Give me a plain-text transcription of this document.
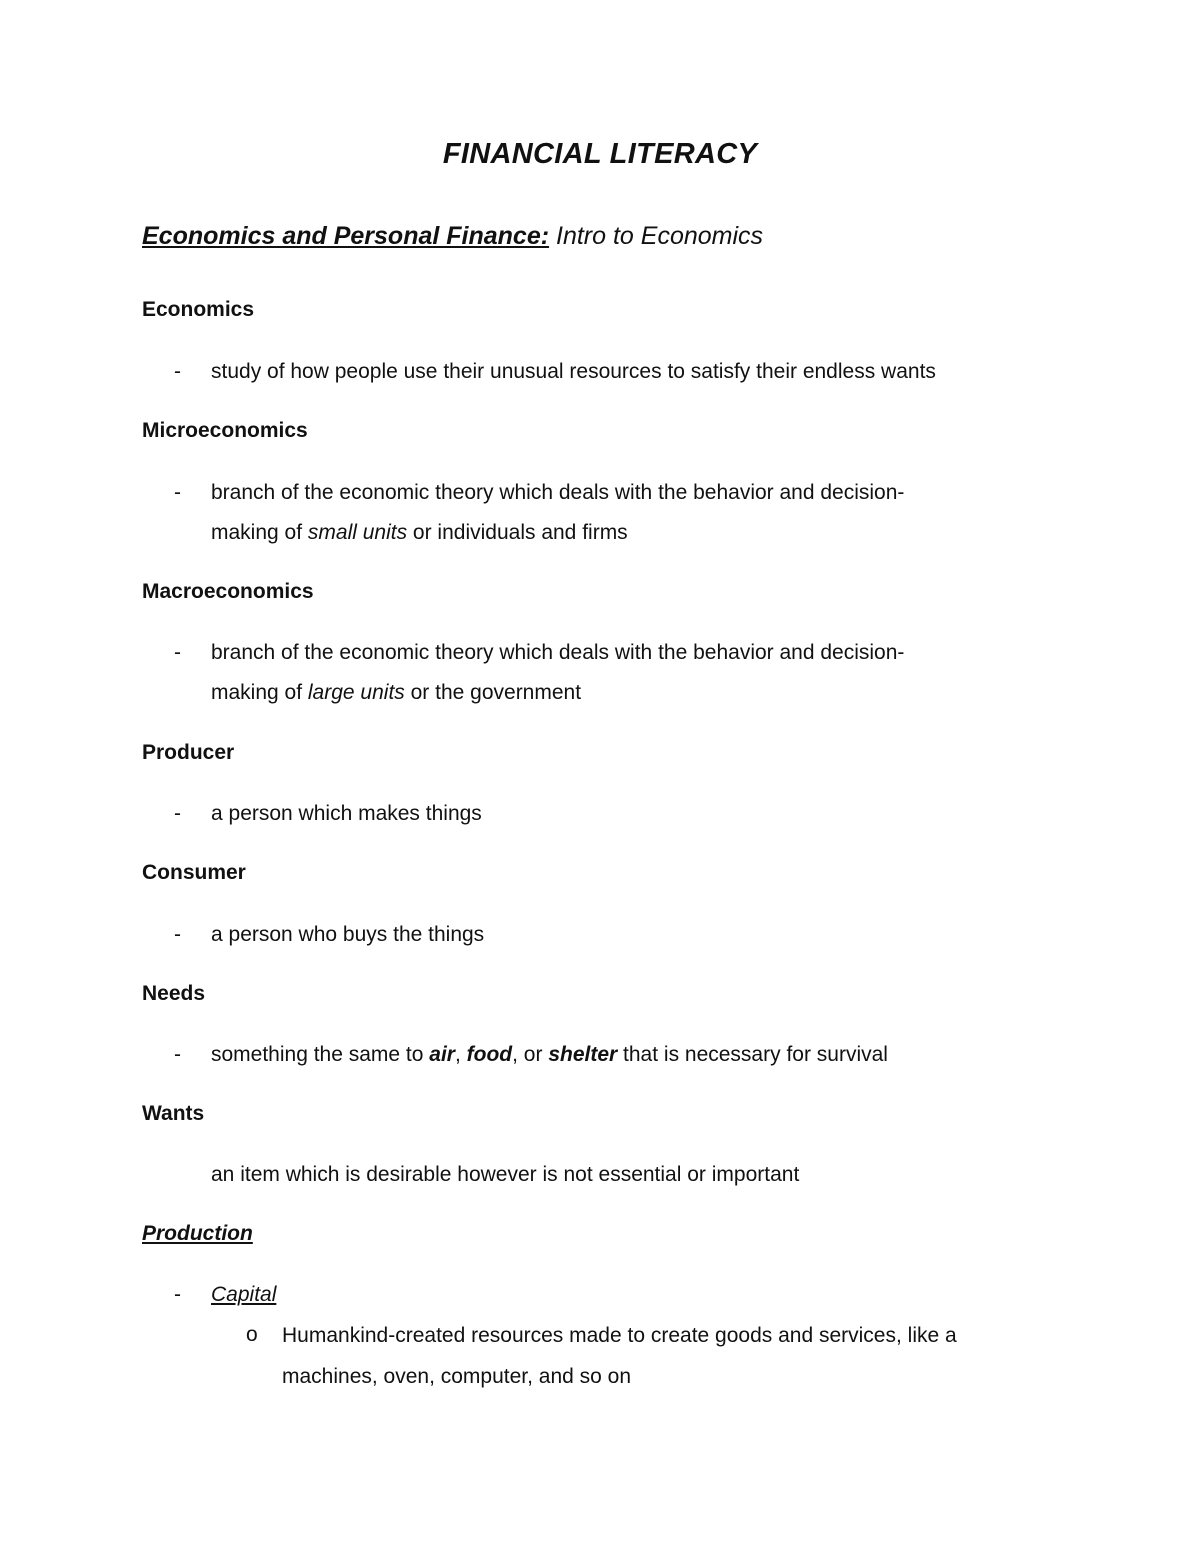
FINANCIAL LITERACY
Economics and Personal Finance: Intro to Economics
Economics
- study of how people use their unusual resources to satisfy their endless wants
Microeconomics
- branch of the economic theory which deals with the behavior and decision-
making of small units or individuals and firms
Macroeconomics
- branch of the economic theory which deals with the behavior and decision-
making of large units or the government
Producer
- a person which makes things
Consumer
- a person who buys the things
Needs
- something the same to air, food, or shelter that is necessary for survival
Wants
an item which is desirable however is not essential or important
Production
- Capital
o Humankind-created resources made to create goods and services, like a
machines, oven, computer, and so on
